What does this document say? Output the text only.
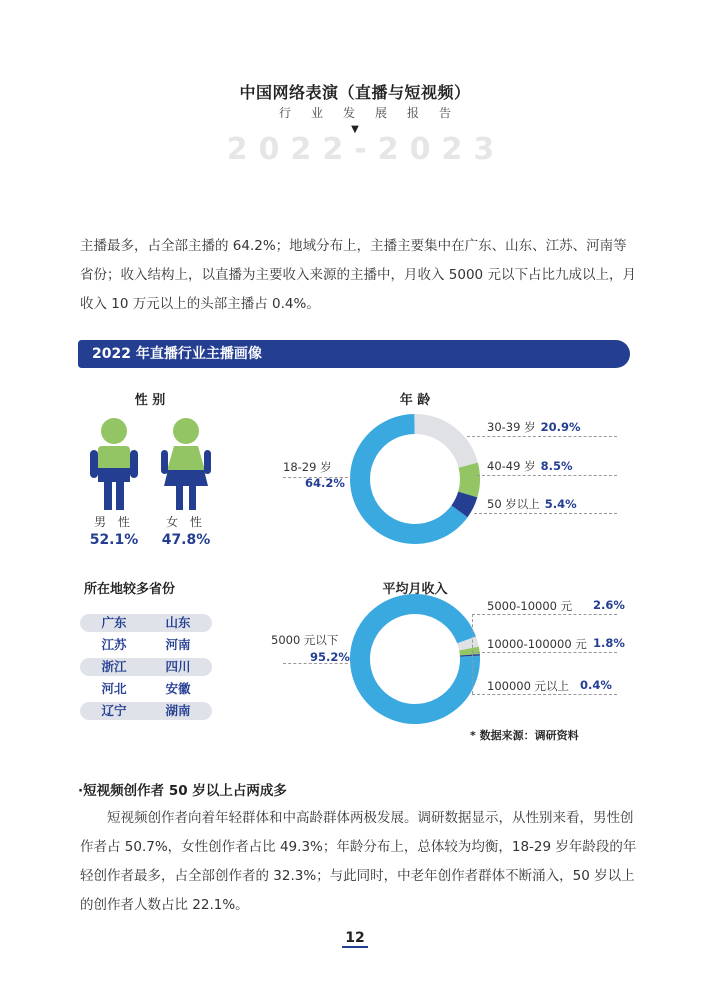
中国网络表演（直播与短视频）
行业发展报告
▼
2022-2023
主播最多，占全部主播的 64.2%；地域分布上，主播主要集中在广东、山东、江苏、河南等省份；收入结构上，以直播为主要收入来源的主播中，月收入 5000 元以下占比九成以上，月收入 10 万元以上的头部主播占 0.4%。
2022 年直播行业主播画像
性 别
男 性
52.1%
女 性
47.8%
年 龄
18-29 岁
64.2%
30-39 岁 20.9%
40-49 岁 8.5%
50 岁以上 5.4%
所在地较多省份
广东	山东
江苏	河南
浙江	四川
河北	安徽
辽宁	湖南
平均月收入
5000 元以下
95.2%
5000-10000 元 2.6%
10000-100000 元 1.8%
100000 元以上 0.4%
* 数据来源：调研资料
·短视频创作者 50 岁以上占两成多
短视频创作者向着年轻群体和中高龄群体两极发展。调研数据显示，从性别来看，男性创作者占 50.7%，女性创作者占比 49.3%；年龄分布上，总体较为均衡，18-29 岁年龄段的年轻创作者最多，占全部创作者的 32.3%；与此同时，中老年创作者群体不断涌入，50 岁以上的创作者人数占比 22.1%。
12
